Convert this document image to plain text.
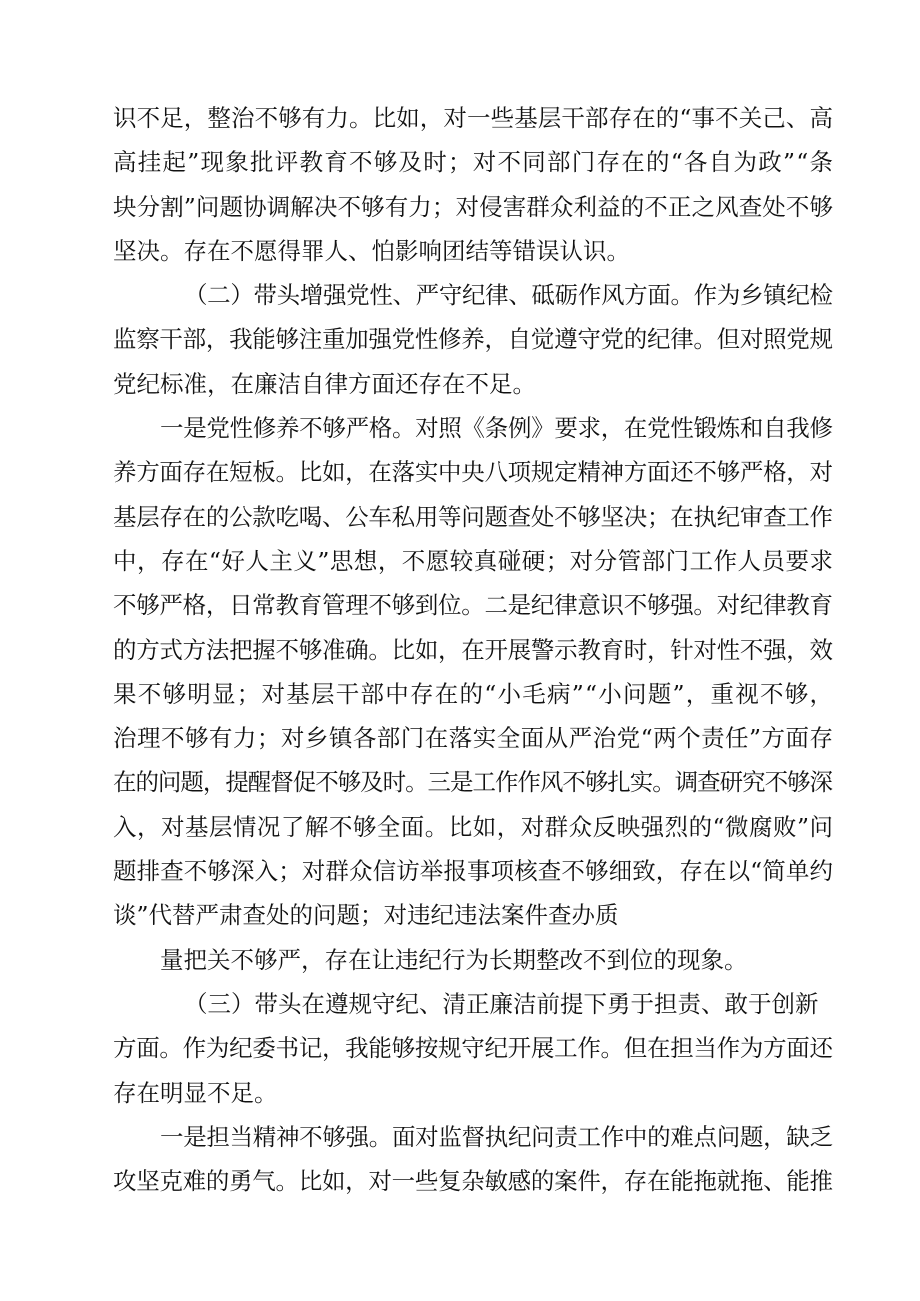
识不足，整治不够有力。比如，对一些基层干部存在的“事不关己、高
高挂起”现象批评教育不够及时；对不同部门存在的“各自为政”“条
块分割”问题协调解决不够有力；对侵害群众利益的不正之风查处不够
坚决。存在不愿得罪人、怕影响团结等错误认识。
（二）带头增强党性、严守纪律、砥砺作风方面。作为乡镇纪检
监察干部，我能够注重加强党性修养，自觉遵守党的纪律。但对照党规
党纪标准，在廉洁自律方面还存在不足。
一是党性修养不够严格。对照《条例》要求，在党性锻炼和自我修
养方面存在短板。比如，在落实中央八项规定精神方面还不够严格，对
基层存在的公款吃喝、公车私用等问题查处不够坚决；在执纪审查工作
中，存在“好人主义”思想，不愿较真碰硬；对分管部门工作人员要求
不够严格，日常教育管理不够到位。二是纪律意识不够强。对纪律教育
的方式方法把握不够准确。比如，在开展警示教育时，针对性不强，效
果不够明显；对基层干部中存在的“小毛病”“小问题”，重视不够，
治理不够有力；对乡镇各部门在落实全面从严治党“两个责任”方面存
在的问题，提醒督促不够及时。三是工作作风不够扎实。调查研究不够深
入，对基层情况了解不够全面。比如，对群众反映强烈的“微腐败”问
题排查不够深入；对群众信访举报事项核查不够细致，存在以“简单约
谈”代替严肃查处的问题；对违纪违法案件查办质
量把关不够严，存在让违纪行为长期整改不到位的现象。
（三）带头在遵规守纪、清正廉洁前提下勇于担责、敢于创新
方面。作为纪委书记，我能够按规守纪开展工作。但在担当作为方面还
存在明显不足。
一是担当精神不够强。面对监督执纪问责工作中的难点问题，缺乏
攻坚克难的勇气。比如，对一些复杂敏感的案件，存在能拖就拖、能推
